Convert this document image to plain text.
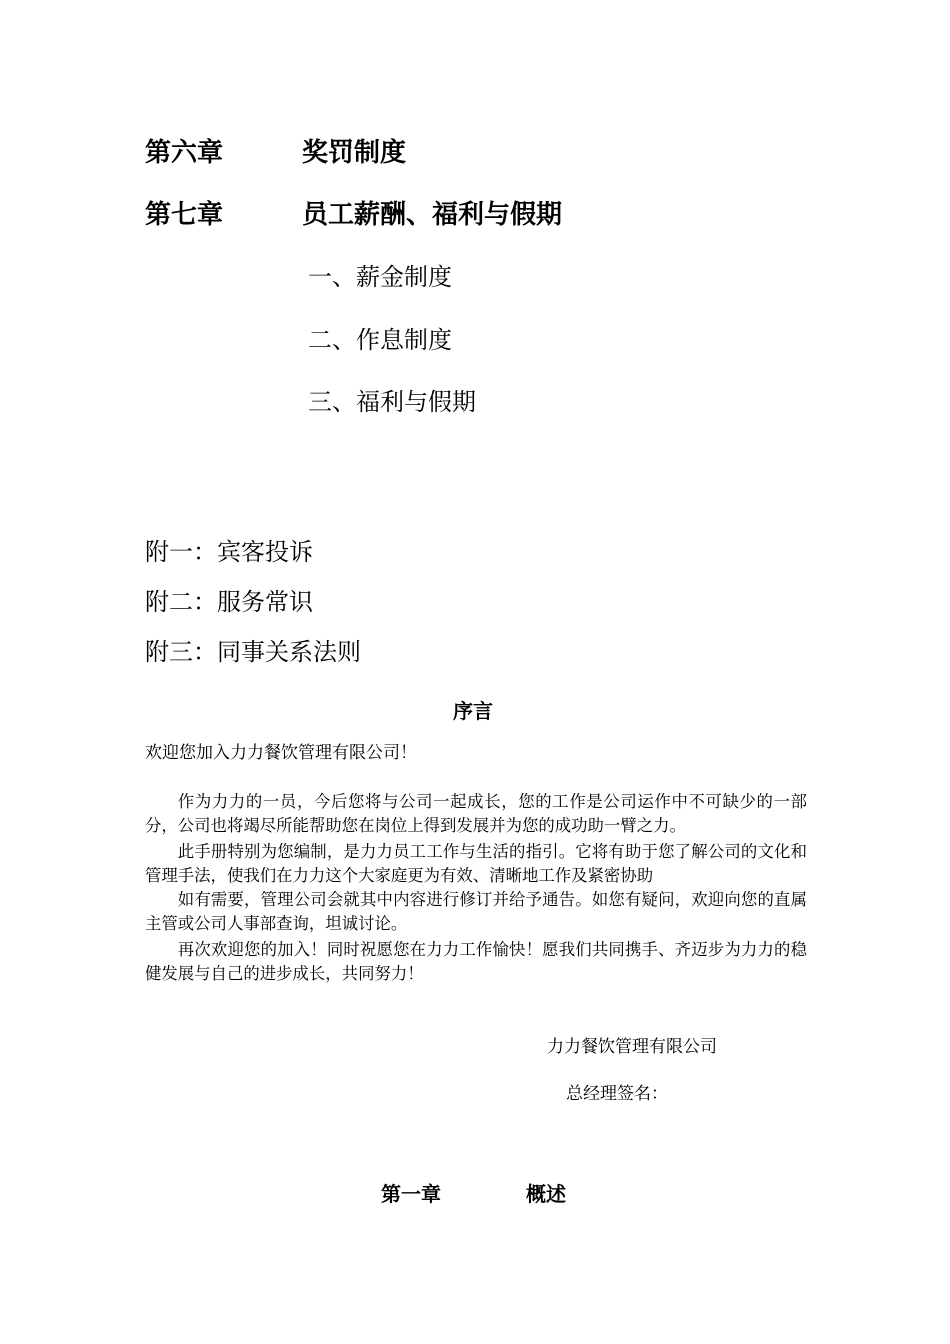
第六章	奖罚制度
第七章	员工薪酬、福利与假期
一、薪金制度
二、作息制度
三、福利与假期
附一：宾客投诉
附二：服务常识
附三：同事关系法则
序言
欢迎您加入力力餐饮管理有限公司！
作为力力的一员，今后您将与公司一起成长，您的工作是公司运作中不可缺少的一部分，公司也将竭尽所能帮助您在岗位上得到发展并为您的成功助一臂之力。
此手册特别为您编制，是力力员工工作与生活的指引。它将有助于您了解公司的文化和管理手法，使我们在力力这个大家庭更为有效、清晰地工作及紧密协助
如有需要，管理公司会就其中内容进行修订并给予通告。如您有疑问，欢迎向您的直属主管或公司人事部查询，坦诚讨论。
再次欢迎您的加入！同时祝愿您在力力工作愉快！愿我们共同携手、齐迈步为力力的稳健发展与自己的进步成长，共同努力！
力力餐饮管理有限公司
总经理签名：
第一章	概述
